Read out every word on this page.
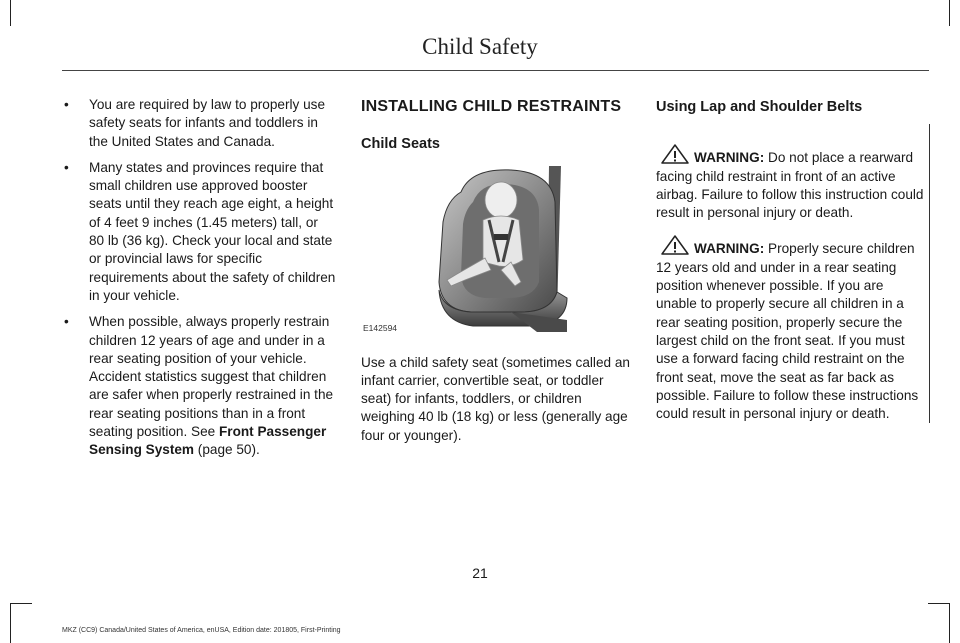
Child Safety
• You are required by law to properly use safety seats for infants and toddlers in the United States and Canada.
• Many states and provinces require that small children use approved booster seats until they reach age eight, a height of 4 feet 9 inches (1.45 meters) tall, or 80 lb (36 kg). Check your local and state or provincial laws for specific requirements about the safety of children in your vehicle.
• When possible, always properly restrain children 12 years of age and under in a rear seating position of your vehicle. Accident statistics suggest that children are safer when properly restrained in the rear seating positions than in a front seating position. See Front Passenger Sensing System (page 50).
INSTALLING CHILD RESTRAINTS
Child Seats
E142594
Use a child safety seat (sometimes called an infant carrier, convertible seat, or toddler seat) for infants, toddlers, or children weighing 40 lb (18 kg) or less (generally age four or younger).
Using Lap and Shoulder Belts
WARNING: Do not place a rearward facing child restraint in front of an active airbag. Failure to follow this instruction could result in personal injury or death.
WARNING: Properly secure children 12 years old and under in a rear seating position whenever possible. If you are unable to properly secure all children in a rear seating position, properly secure the largest child on the front seat. If you must use a forward facing child restraint on the front seat, move the seat as far back as possible. Failure to follow these instructions could result in personal injury or death.
21
MKZ (CC9) Canada/United States of America, enUSA, Edition date: 201805, First-Printing
